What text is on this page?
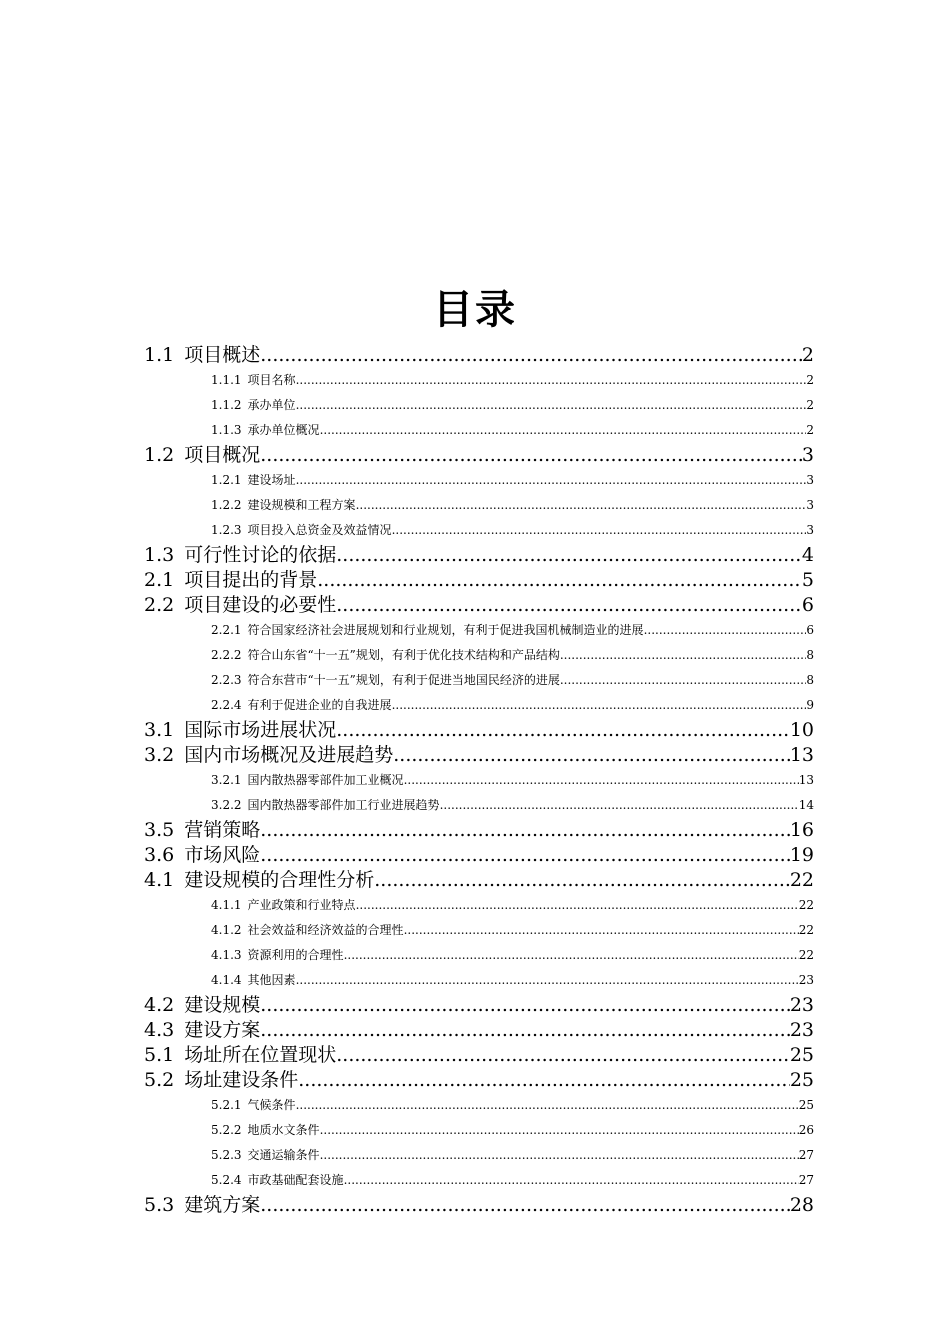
目录
1.1 项目概述 .....	2
1.1.1 项目名称 .....	2
1.1.2 承办单位 .....	2
1.1.3 承办单位概况 .....	2
1.2 项目概况 .....	3
1.2.1 建设场址 .....	3
1.2.2 建设规模和工程方案 .....	3
1.2.3 项目投入总资金及效益情况 .....	3
1.3 可行性讨论的依据 .....	4
2.1 项目提出的背景 .....	5
2.2 项目建设的必要性 .....	6
2.2.1 符合国家经济社会进展规划和行业规划，有利于促进我国机械制造业的进展 .....	6
2.2.2 符合山东省“十一五”规划，有利于优化技术结构和产品结构 .....	8
2.2.3 符合东营市“十一五”规划，有利于促进当地国民经济的进展 .....	8
2.2.4 有利于促进企业的自我进展 .....	9
3.1 国际市场进展状况 .....	10
3.2 国内市场概况及进展趋势 .....	13
3.2.1 国内散热器零部件加工业概况 .....	13
3.2.2 国内散热器零部件加工行业进展趋势 .....	14
3.5 营销策略 .....	16
3.6 市场风险 .....	19
4.1 建设规模的合理性分析 .....	22
4.1.1 产业政策和行业特点 .....	22
4.1.2 社会效益和经济效益的合理性 .....	22
4.1.3 资源利用的合理性 .....	22
4.1.4 其他因素 .....	23
4.2 建设规模 .....	23
4.3 建设方案 .....	23
5.1 场址所在位置现状 .....	25
5.2 场址建设条件 .....	25
5.2.1 气候条件 .....	25
5.2.2 地质水文条件 .....	26
5.2.3 交通运输条件 .....	27
5.2.4 市政基础配套设施 .....	27
5.3 建筑方案 .....	28
